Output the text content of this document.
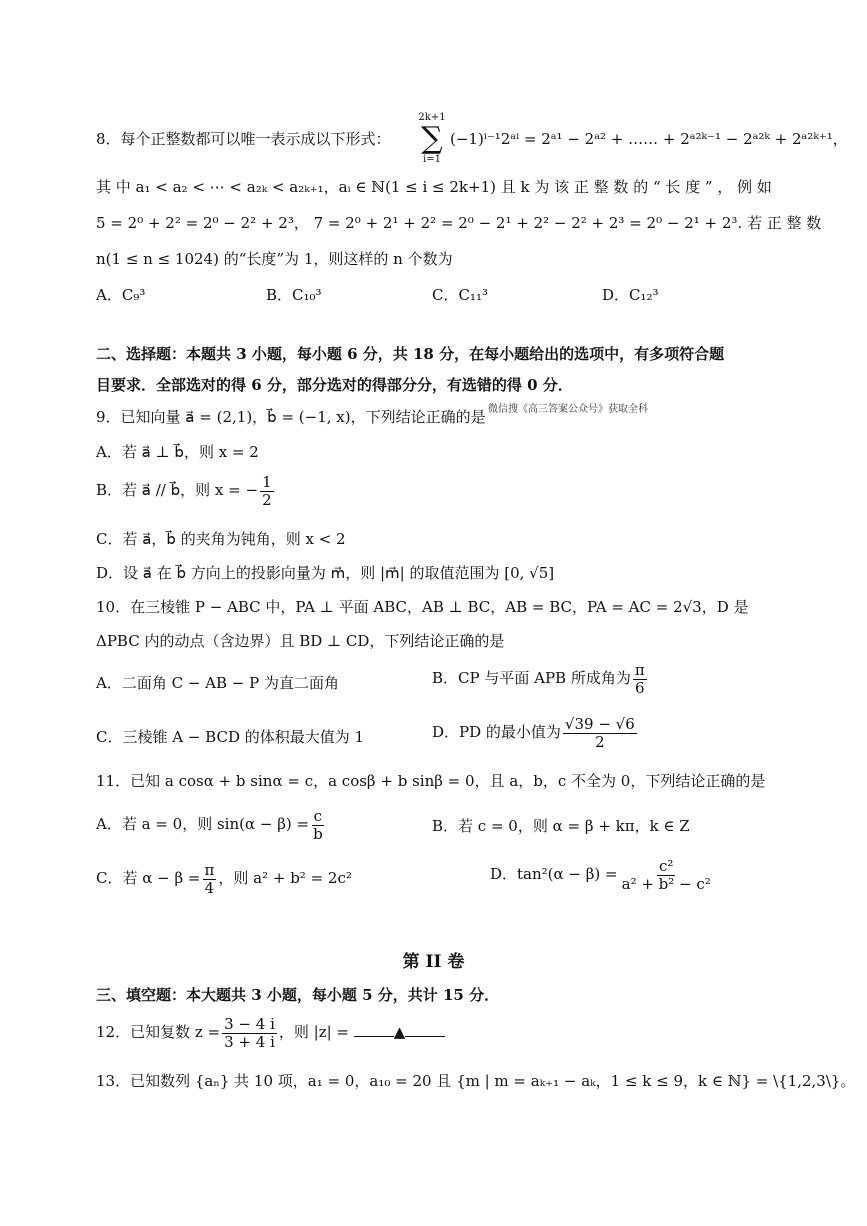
8．每个正整数都可以唯一表示成以下形式：
2k+1
∑
i=1
(−1)ⁱ⁻¹2ᵃⁱ = 2ᵃ¹ − 2ᵃ² + …… + 2ᵃ²ᵏ⁻¹ − 2ᵃ²ᵏ + 2ᵃ²ᵏ⁺¹，
其 中 a₁ < a₂ < ⋯ < a₂ₖ < a₂ₖ₊₁，aᵢ ∈ ℕ(1 ≤ i ≤ 2k+1) 且 k 为 该 正 整 数 的 “ 长 度 ” ， 例 如
5 = 2⁰ + 2² = 2⁰ − 2² + 2³， 7 = 2⁰ + 2¹ + 2² = 2⁰ − 2¹ + 2² − 2² + 2³ = 2⁰ − 2¹ + 2³. 若 正 整 数
n(1 ≤ n ≤ 1024) 的“长度”为 1，则这样的 n 个数为
A．C₉³	B．C₁₀³	C．C₁₁³	D．C₁₂³
二、选择题：本题共 3 小题，每小题 6 分，共 18 分，在每小题给出的选项中，有多项符合题
目要求．全部选对的得 6 分，部分选对的得部分分，有选错的得 0 分．
9．已知向量 a⃗ = (2,1)，b⃗ = (−1, x)，下列结论正确的是 微信搜《高三答案公众号》获取全科
A．若 a⃗ ⊥ b⃗，则 x = 2
B．若 a⃗ // b⃗，则 x = − $\frac{1}{2}$
C．若 a⃗，b⃗ 的夹角为钝角，则 x < 2
D．设 a⃗ 在 b⃗ 方向上的投影向量为 m⃗，则 |m⃗| 的取值范围为 [0, √5]
10．在三棱锥 P − ABC 中，PA ⊥ 平面 ABC，AB ⊥ BC，AB = BC，PA = AC = 2√3，D 是
ΔPBC 内的动点（含边界）且 BD ⊥ CD，下列结论正确的是
A．二面角 C − AB − P 为直二面角	B．CP 与平面 APB 所成角为 $\frac{\pi}{6}$
C．三棱锥 A − BCD 的体积最大值为 1	D．PD 的最小值为 $\frac{√39 - √6}{2}$
11．已知 a cosα + b sinα = c，a cosβ + b sinβ = 0，且 a，b，c 不全为 0，下列结论正确的是
A．若 a = 0，则 $\sin(\alpha - \beta) = \frac{c}{b}$	B．若 c = 0，则 α = β + kπ，k ∈ Z
C．若 $\alpha - \beta = \frac{\pi}{4}$ ，则 a² + b² = 2c²	D．$\tan^2(\alpha - \beta) = \frac{\text{c²}}{\text{a² + b² − c²}}$
第 II 卷
三、填空题：本大题共 3 小题，每小题 5 分，共计 15 分．
12．已知复数 $z = \frac{3 - 4 i}{3 + 4 i}$ ，则 |z| =	▲
13．已知数列 {aₙ} 共 10 项，a₁ = 0，a₁₀ = 20 且 {m | m = aₖ₊₁ − aₖ，1 ≤ k ≤ 9，k ∈ ℕ} = \{1,2,3\}。
